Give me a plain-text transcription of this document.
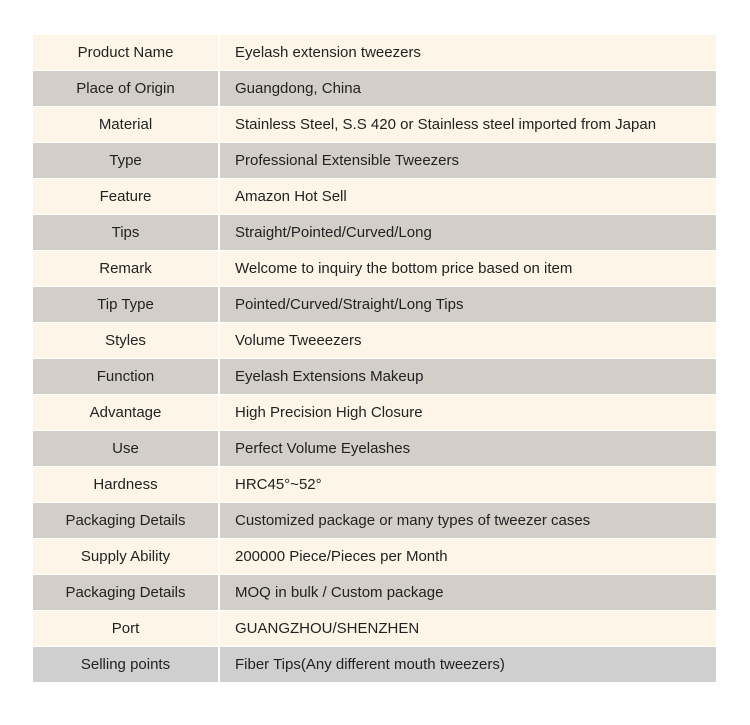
Product Name	Eyelash extension tweezers
Place of Origin	Guangdong, China
Material	Stainless Steel, S.S 420 or Stainless steel imported from Japan
Type	Professional Extensible Tweezers
Feature	Amazon Hot Sell
Tips	Straight/Pointed/Curved/Long
Remark	Welcome to inquiry the bottom price based on item
Tip Type	Pointed/Curved/Straight/Long Tips
Styles	Volume Tweeezers
Function	Eyelash Extensions Makeup
Advantage	High Precision High Closure
Use	Perfect Volume Eyelashes
Hardness	HRC45°~52°
Packaging Details	Customized package or many types of tweezer cases
Supply Ability	200000 Piece/Pieces per Month
Packaging Details	MOQ in bulk / Custom package
Port	GUANGZHOU/SHENZHEN
Selling points	Fiber Tips(Any different mouth tweezers)
